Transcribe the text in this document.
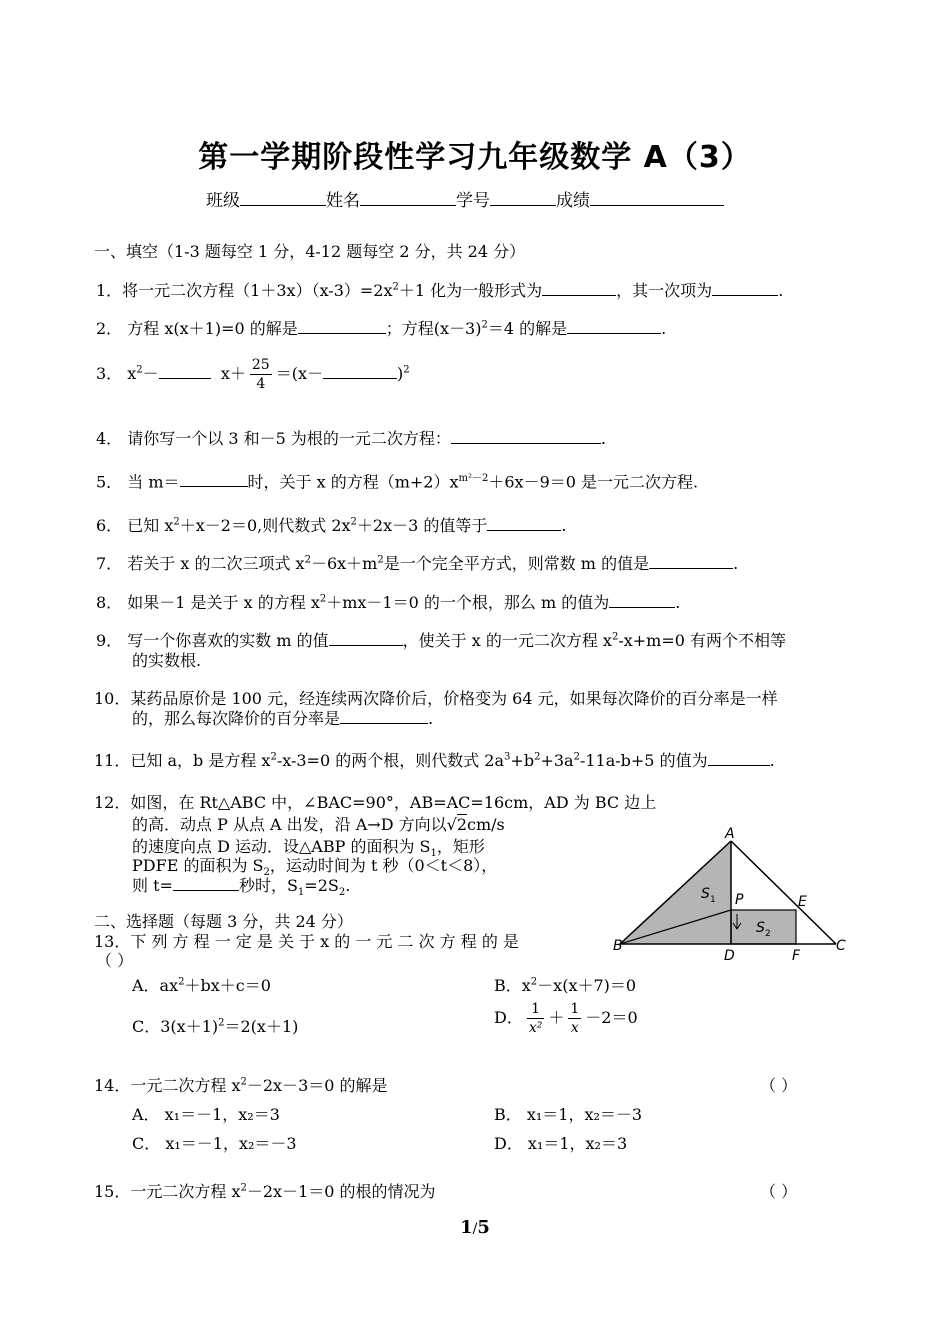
第一学期阶段性学习九年级数学 A（3）
班级	姓名	学号	成绩
一、填空（1-3 题每空 1 分，4-12 题每空 2 分，共 24 分）
1．将一元二次方程$(1+3x)(x-3)=2x^2+1$ 化为一般形式为	，其一次项为	.
2． 方程 x(x＋1)=0 的解是	；方程$(x-3)^2=4$ 的解是	.
3． $x^2-$	$x+ \frac{25}{4} =(x-$	)$^2$
4． 请你写一个以 3 和－5 为根的一元二次方程：	.
5． 当 m＝	时，关于 x 的方程$(m+2)x^{m^2-2}+6x-9=0$ 是一元二次方程.
6． 已知 $x^2+x-2=0$,则代数式 $2x^2+2x-3$ 的值等于	.
7． 若关于 x 的二次三项式 $x^2-6x+m^2$是一个完全平方式，则常数 m 的值是	.
8． 如果－1 是关于 x 的方程 $x^2+mx-1=0$ 的一个根，那么 m 的值为	.
9． 写一个你喜欢的实数 m 的值	，使关于 x 的一元二次方程 $x^2-x+m=0$ 有两个不相等
的实数根.
10．某药品原价是 100 元，经连续两次降价后，价格变为 64 元，如果每次降价的百分率是一样
的，那么每次降价的百分率是	.
11．已知 a，b 是方程 $x^2-x-3=0$ 的两个根，则代数式 $2a^3+b^2+3a^2-11a-b+5$ 的值为	.
12．如图，在 Rt△ABC 中，∠BAC=90°，AB=AC=16cm，AD 为 BC 边上
的高．动点 P 从点 A 出发，沿 A→D 方向以√2cm/s
的速度向点 D 运动．设△ABP 的面积为 $S_1$，矩形
PDFE 的面积为 $S_2$，运动时间为 t 秒（0＜t＜8），
则 t=	秒时，$S_1=2S_2$.
A
B	C
D
E
F
P
S 1
S 2
二、选择题（每题 3 分，共 24 分）
13．下 列 方 程 一 定 是 关 于 x 的 一 元 二 次 方 程 的 是
（ ）
A．$ax^2+bx+c=0$	B．$x^2-x(x+7)=0$
C．$3(x+1)^2=2(x+1)$	D． $\frac{1}{\text{x²}} + \frac{1}{x} -2=0$
14．一元二次方程 $x^2-2x-3=0$ 的解是	（ ）
A． x₁＝－1，x₂＝3	B． x₁＝1，x₂＝－3
C． x₁＝－1，x₂＝－3	D． x₁＝1，x₂＝3
15．一元二次方程 $x^2-2x-1=0$ 的根的情况为	（ ）
1/5
